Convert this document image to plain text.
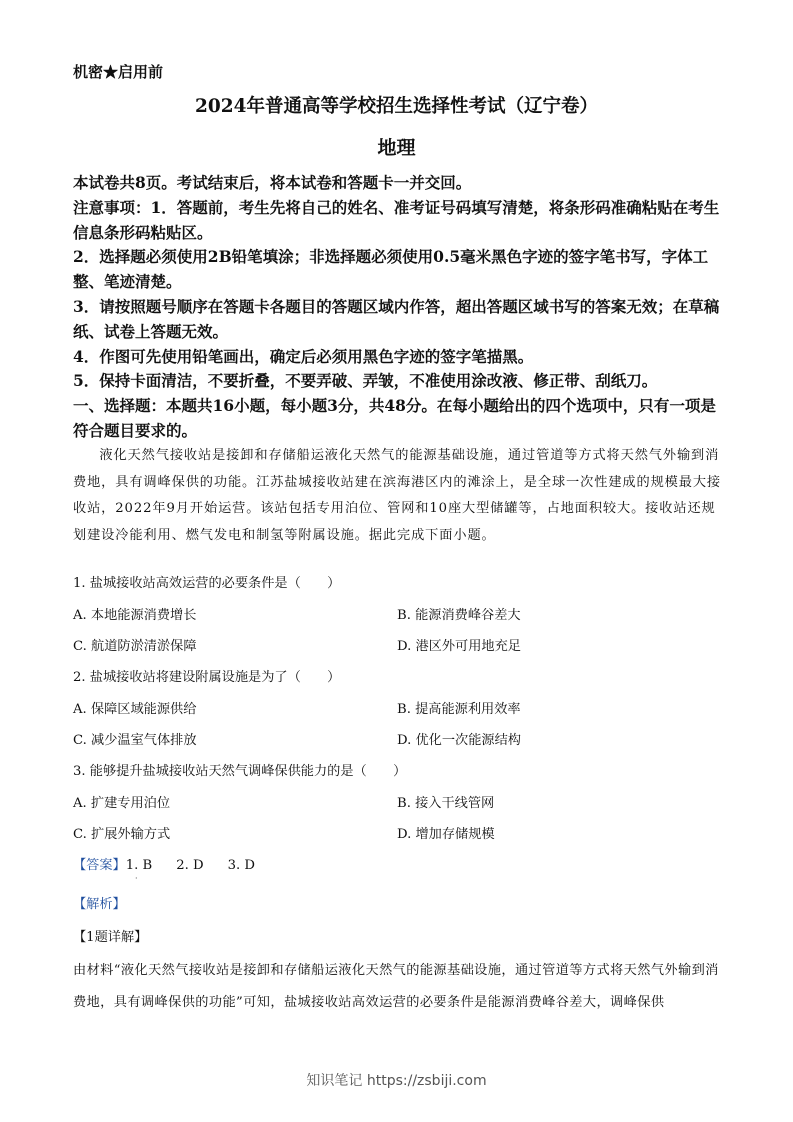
机密★启用前
2024年普通高等学校招生选择性考试（辽宁卷）
地理
本试卷共8页。考试结束后，将本试卷和答题卡一并交回。
注意事项：1．答题前，考生先将自己的姓名、准考证号码填写清楚，将条形码准确粘贴在考生信息条形码粘贴区。
2．选择题必须使用2B铅笔填涂；非选择题必须使用0.5毫米黑色字迹的签字笔书写，字体工整、笔迹清楚。
3．请按照题号顺序在答题卡各题目的答题区域内作答，超出答题区域书写的答案无效；在草稿纸、试卷上答题无效。
4．作图可先使用铅笔画出，确定后必须用黑色字迹的签字笔描黑。
5．保持卡面清洁，不要折叠，不要弄破、弄皱，不准使用涂改液、修正带、刮纸刀。
一、选择题：本题共16小题，每小题3分，共48分。在每小题给出的四个选项中，只有一项是符合题目要求的。
液化天然气接收站是接卸和存储船运液化天然气的能源基础设施，通过管道等方式将天然气外输到消费地，具有调峰保供的功能。江苏盐城接收站建在滨海港区内的滩涂上，是全球一次性建成的规模最大接收站，2022年9月开始运营。该站包括专用泊位、管网和10座大型储罐等，占地面积较大。接收站还规划建设冷能利用、燃气发电和制氢等附属设施。据此完成下面小题。
1. 盐城接收站高效运营的必要条件是（　　）
A. 本地能源消费增长	B. 能源消费峰谷差大
C. 航道防淤清淤保障	D. 港区外可用地充足
2. 盐城接收站将建设附属设施是为了（　　）
A. 保障区域能源供给	B. 提高能源利用效率
C. 减少温室气体排放	D. 优化一次能源结构
3. 能够提升盐城接收站天然气调峰保供能力的是（　　）
A. 扩建专用泊位	B. 接入干线管网
C. 扩展外输方式	D. 增加存储规模
【答案】1. B 2. D 3. D
·
【解析】
【1题详解】
由材料“液化天然气接收站是接卸和存储船运液化天然气的能源基础设施，通过管道等方式将天然气外输到消费地，具有调峰保供的功能”可知，盐城接收站高效运营的必要条件是能源消费峰谷差大，调峰保供
知识笔记 https://zsbiji.com
